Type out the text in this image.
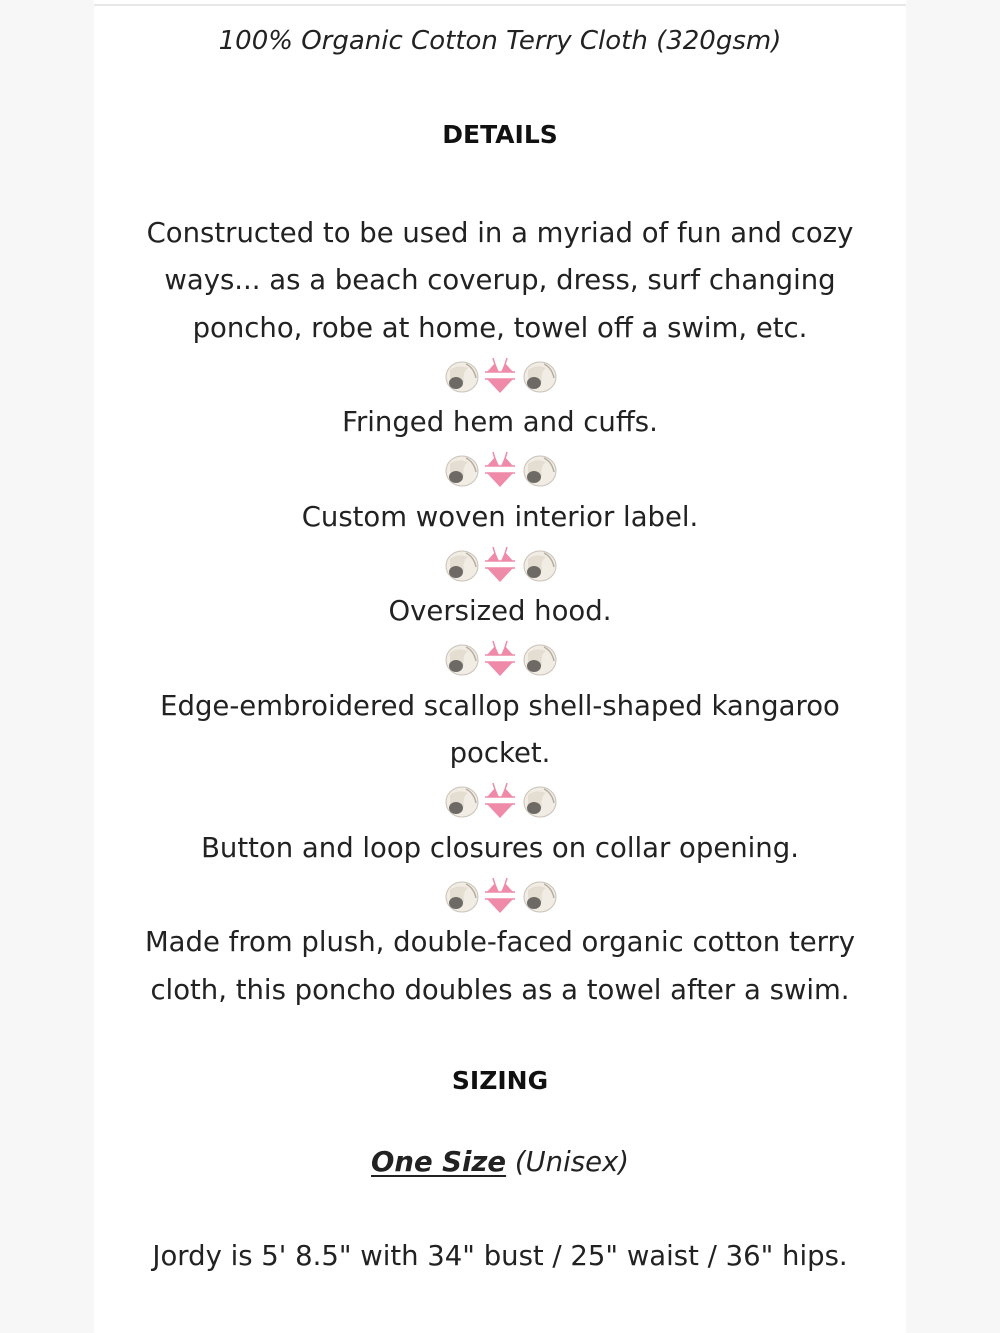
100% Organic Cotton Terry Cloth (320gsm)
DETAILS

Constructed to be used in a myriad of fun and cozy ways... as a beach coverup, dress, surf changing poncho, robe at home, towel off a swim, etc.

Fringed hem and cuffs.

Custom woven interior label.

Oversized hood.

Edge-embroidered scallop shell-shaped kangaroo pocket.

Button and loop closures on collar opening.

Made from plush, double-faced organic cotton terry cloth, this poncho doubles as a towel after a swim.

SIZING
One Size (Unisex)
Jordy is 5' 8.5" with 34" bust / 25" waist / 36" hips.
